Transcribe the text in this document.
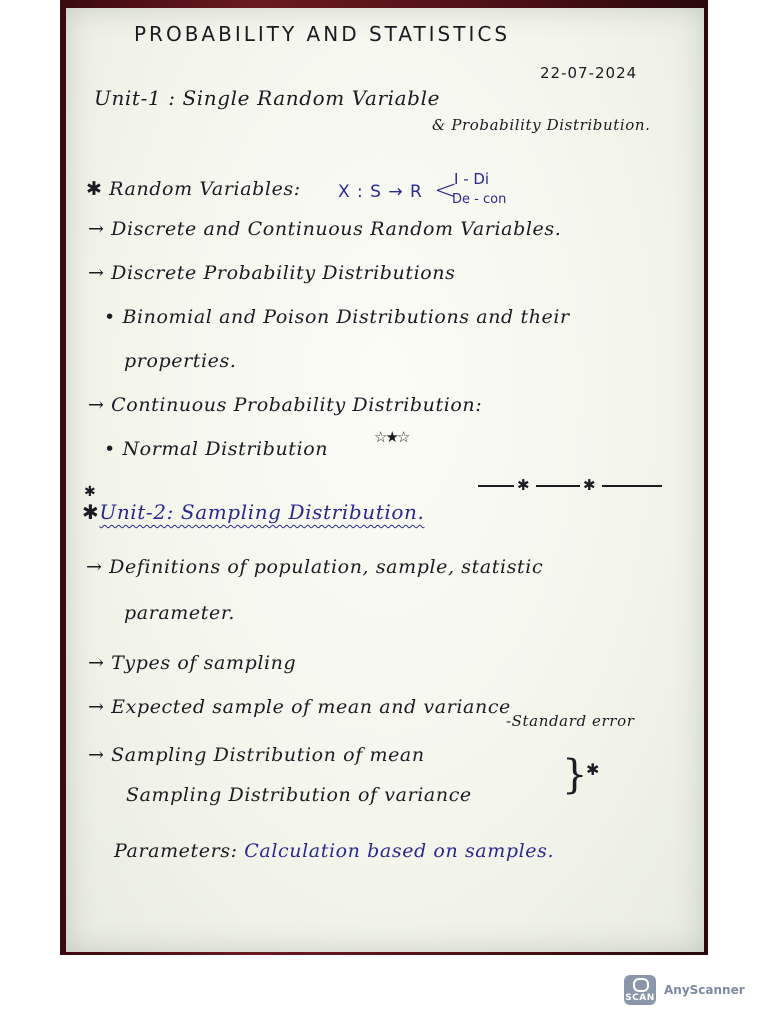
PROBABILITY AND STATISTICS
22-07-2024
Unit-1 : Single Random Variable
& Probability Distribution.
✱ Random Variables: X : S → R <
I - Di
De - con
→ Discrete and Continuous Random Variables.
→ Discrete Probability Distributions
• Binomial and Poison Distributions and their
properties.
→ Continuous Probability Distribution:
• Normal Distribution
☆★☆
✱	✱
✱
✱Unit-2: Sampling Distribution.
→ Definitions of population, sample, statistic
parameter.
→ Types of sampling
→ Expected sample of mean and variance
-Standard error
→ Sampling Distribution of mean
Sampling Distribution of variance }
✱
Parameters: Calculation based on samples.
SCAN
AnyScanner
